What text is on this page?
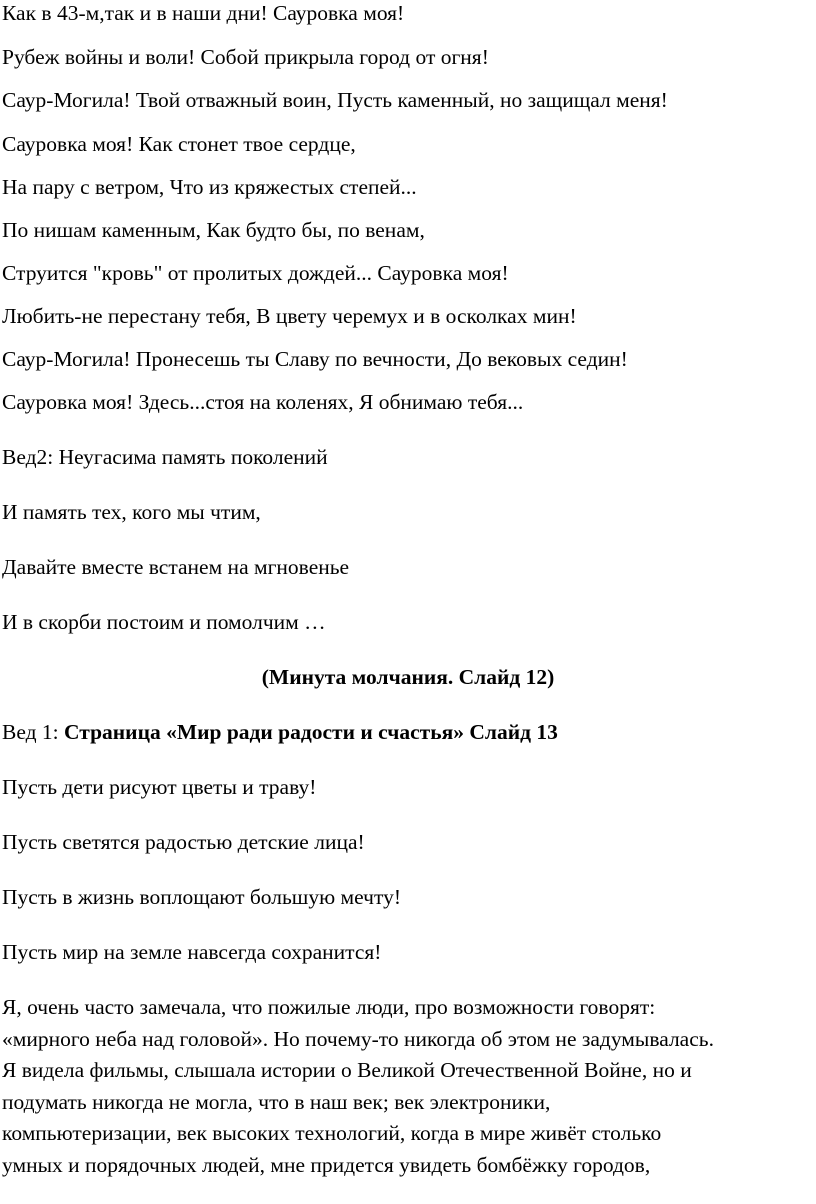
Как в 43-м,так и в наши дни! Сауровка моя!
Рубеж войны и воли! Собой прикрыла город от огня!
Саур-Могила! Твой отважный воин, Пусть каменный, но защищал меня!
Сауровка моя! Как стонет твое сердце,
На пару с ветром, Что из кряжестых степей...
По нишам каменным, Как будто бы, по венам,
Струится "кровь" от пролитых дождей... Сауровка моя!
Любить-не перестану тебя, В цвету черемух и в осколках мин!
Саур-Могила! Пронесешь ты Славу по вечности, До вековых седин!
Сауровка моя! Здесь...стоя на коленях, Я обнимаю тебя...
Вед2: Неугасима память поколений
И память тех, кого мы чтим,
Давайте вместе встанем на мгновенье
И в скорби постоим и помолчим …
(Минута молчания. Слайд 12)
Вед 1: Страница «Мир ради радости и счастья» Слайд 13
Пусть дети рисуют цветы и траву!
Пусть светятся радостью детские лица!
Пусть в жизнь воплощают большую мечту!
Пусть мир на земле навсегда сохранится!
Я, очень часто замечала, что пожилые люди, про возможности говорят:
«мирного неба над головой». Но почему-то никогда об этом не задумывалась.
Я видела фильмы, слышала истории о Великой Отечественной Войне, но и
подумать никогда не могла, что в наш век; век электроники,
компьютеризации, век высоких технологий, когда в мире живёт столько
умных и порядочных людей, мне придется увидеть бомбёжку городов,
